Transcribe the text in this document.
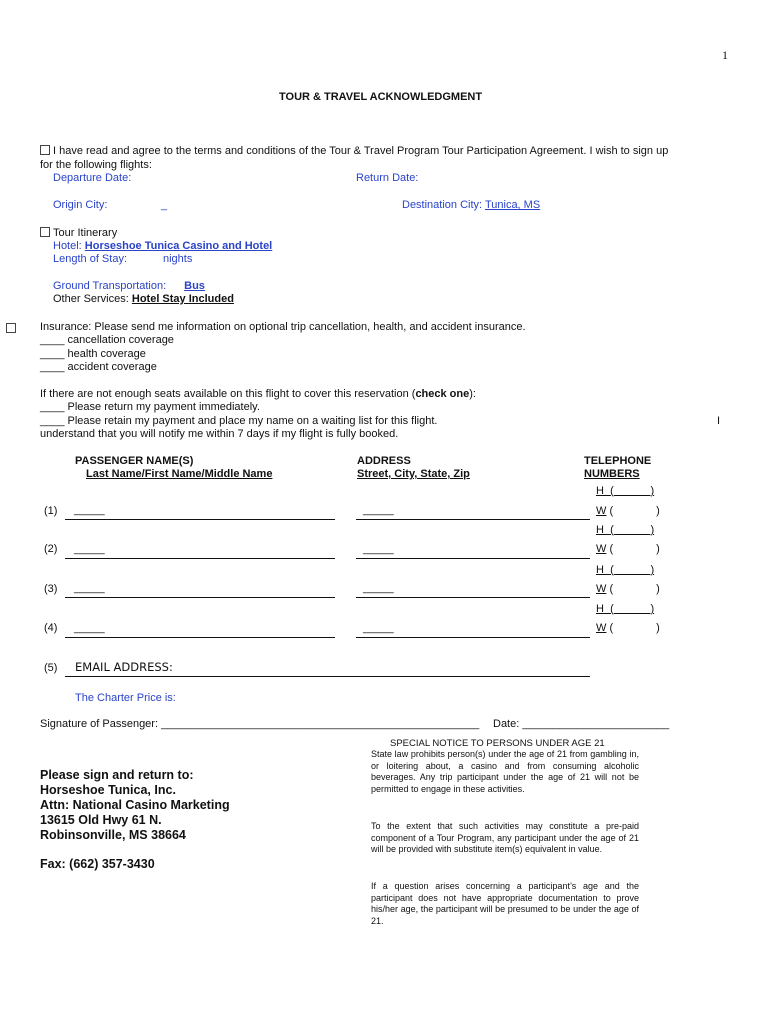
1
TOUR & TRAVEL ACKNOWLEDGMENT
I have read and agree to the terms and conditions of the Tour & Travel Program Tour Participation Agreement. I wish to sign up
for the following flights:
Departure Date:	Return Date:
Origin City:	_	Destination City: Tunica, MS
Tour Itinerary
Hotel: Horseshoe Tunica Casino and Hotel
Length of Stay:	nights
Ground Transportation: Bus
Other Services: Hotel Stay Included
Insurance: Please send me information on optional trip cancellation, health, and accident insurance.
____ cancellation coverage
____ health coverage
____ accident coverage
If there are not enough seats available on this flight to cover this reservation (check one):
____ Please return my payment immediately.
____ Please retain my payment and place my name on a waiting list for this flight.	I
understand that you will notify me within 7 days if my flight is fully booked.
PASSENGER NAME(S)
Last Name/First Name/Middle Name
ADDRESS
Street, City, State, Zip
TELEPHONE
NUMBERS
H (	)
(1) _____	_____	W (	)
H (	)
(2) _____	_____	W (	)
H (	)
(3) _____	_____	W (	)
H (	)
(4) _____	_____	W (	)
(5) EMAIL ADDRESS:
The Charter Price is:
Signature of Passenger: ____________________________________________________ Date: ________________________
Please sign and return to:
Horseshoe Tunica, Inc.
Attn: National Casino Marketing
13615 Old Hwy 61 N.
Robinsonville, MS 38664
Fax: (662) 357-3430
SPECIAL NOTICE TO PERSONS UNDER AGE 21
State law prohibits person(s) under the age of 21 from gambling in, or loitering about, a casino and from consuming alcoholic beverages. Any trip participant under the age of 21 will not be permitted to engage in these activities.
To the extent that such activities may constitute a pre-paid component of a Tour Program, any participant under the age of 21 will be provided with substitute item(s) equivalent in value.
If a question arises concerning a participant’s age and the participant does not have appropriate documentation to prove his/her age, the participant will be presumed to be under the age of 21.
